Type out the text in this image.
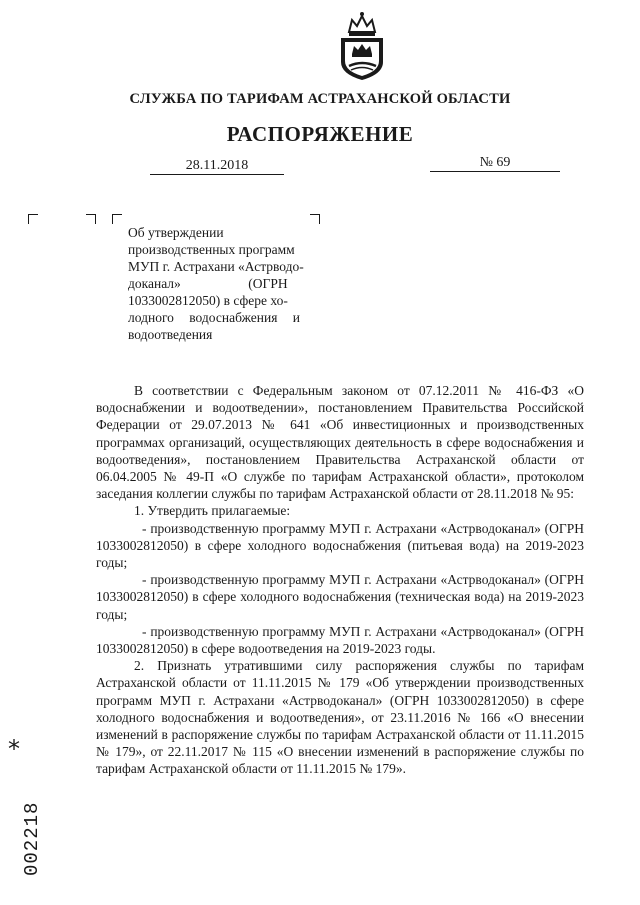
СЛУЖБА ПО ТАРИФАМ АСТРАХАНСКОЙ ОБЛАСТИ
РАСПОРЯЖЕНИЕ
28.11.2018	№ 69
Об утверждении
производственных программ
МУП г. Астрахани «Астрводо-
доканал»                    (ОГРН
1033002812050) в сфере хо-
лодного водоснабжения и
водоотведения

В соответствии с Федеральным законом от 07.12.2011 № 416-ФЗ «О водоснабжении и водоотведении», постановлением Правительства Российской Федерации от 29.07.2013 № 641 «Об инвестиционных и производственных программах организаций, осуществляющих деятельность в сфере водоснабжения и водоотведения», постановлением Правительства Астраханской области от 06.04.2005 № 49-П «О службе по тарифам Астраханской области», протоколом заседания коллегии службы по тарифам Астраханской области от 28.11.2018 № 95:

1. Утвердить прилагаемые:

- производственную программу МУП г. Астрахани «Астрводоканал» (ОГРН 1033002812050) в сфере холодного водоснабжения (питьевая вода) на 2019-2023 годы;

- производственную программу МУП г. Астрахани «Астрводоканал» (ОГРН 1033002812050) в сфере холодного водоснабжения (техническая вода) на 2019-2023 годы;

- производственную программу МУП г. Астрахани «Астрводоканал» (ОГРН 1033002812050) в сфере водоотведения на 2019-2023 годы.

2. Признать утратившими силу распоряжения службы по тарифам Астраханской области от 11.11.2015 № 179 «Об утверждении производственных программ МУП г. Астрахани «Астрводоканал» (ОГРН 1033002812050) в сфере холодного водоснабжения и водоотведения», от 23.11.2016 № 166 «О внесении изменений в распоряжение службы по тарифам Астраханской области от 11.11.2015 № 179», от 22.11.2017 № 115 «О внесении изменений в распоряжение службы по тарифам Астраханской области от 11.11.2015 № 179».

*
002218
